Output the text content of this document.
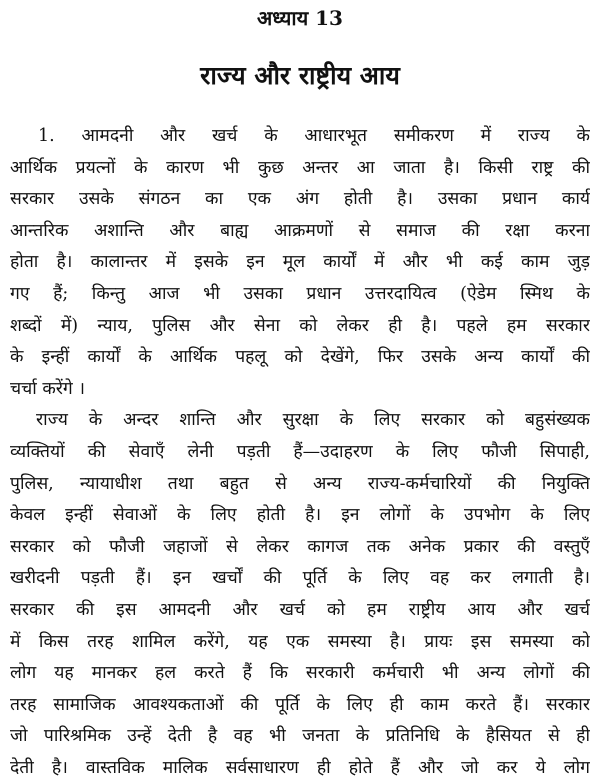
अध्याय 13
राज्य और राष्ट्रीय आय
1. आमदनी और खर्च के आधारभूत समीकरण में राज्य के
आर्थिक प्रयत्नों के कारण भी कुछ अन्तर आ जाता है। किसी राष्ट्र की
सरकार उसके संगठन का एक अंग होती है। उसका प्रधान कार्य
आन्तरिक अशान्ति और बाह्य आक्रमणों से समाज की रक्षा करना
होता है। कालान्तर में इसके इन मूल कार्यों में और भी कई काम जुड़
गए हैं; किन्तु आज भी उसका प्रधान उत्तरदायित्व (ऐडेम स्मिथ के
शब्दों में) न्याय, पुलिस और सेना को लेकर ही है। पहले हम सरकार
के इन्हीं कार्यों के आर्थिक पहलू को देखेंगे, फिर उसके अन्य कार्यों की
चर्चा करेंगे ।
राज्य के अन्दर शान्ति और सुरक्षा के लिए सरकार को बहुसंख्यक
व्यक्तियों की सेवाएँ लेनी पड़ती हैं—उदाहरण के लिए फौजी सिपाही,
पुलिस, न्यायाधीश तथा बहुत से अन्य राज्य-कर्मचारियों की नियुक्ति
केवल इन्हीं सेवाओं के लिए होती है। इन लोगों के उपभोग के लिए
सरकार को फौजी जहाजों से लेकर कागज तक अनेक प्रकार की वस्तुएँ
खरीदनी पड़ती हैं। इन खर्चों की पूर्ति के लिए वह कर लगाती है।
सरकार की इस आमदनी और खर्च को हम राष्ट्रीय आय और खर्च
में किस तरह शामिल करेंगे, यह एक समस्या है। प्रायः इस समस्या को
लोग यह मानकर हल करते हैं कि सरकारी कर्मचारी भी अन्य लोगों की
तरह सामाजिक आवश्यकताओं की पूर्ति के लिए ही काम करते हैं। सरकार
जो पारिश्रमिक उन्हें देती है वह भी जनता के प्रतिनिधि के हैसियत से ही
देती है। वास्तविक मालिक सर्वसाधारण ही होते हैं और जो कर ये लोग
